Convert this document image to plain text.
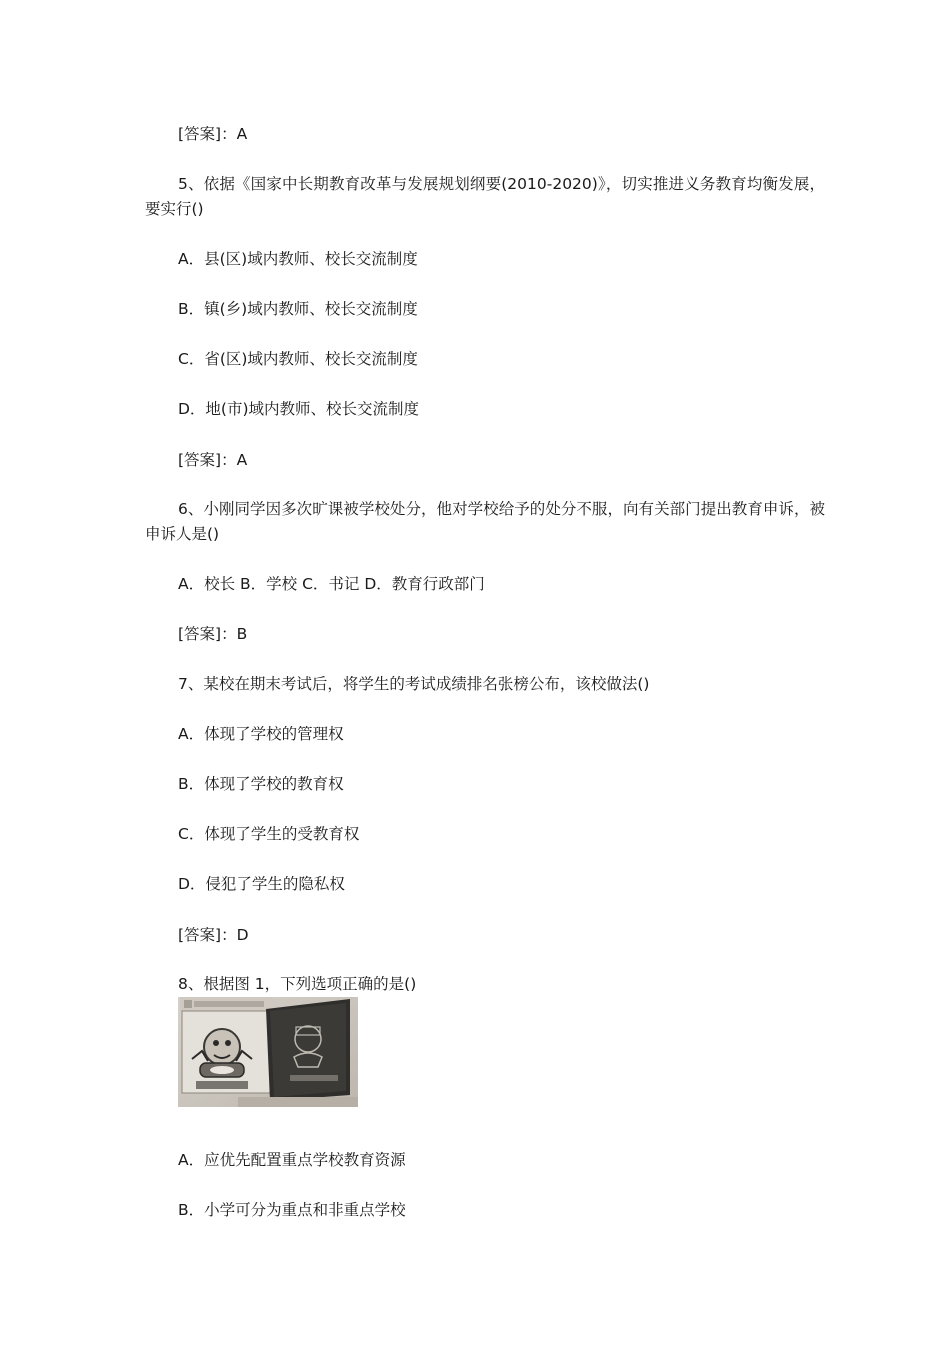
[答案]：A
5、依据《国家中长期教育改革与发展规划纲要(2010-2020)》，切实推进义务教育均衡发展，要实行()
A．县(区)域内教师、校长交流制度
B．镇(乡)域内教师、校长交流制度
C．省(区)域内教师、校长交流制度
D．地(市)域内教师、校长交流制度
[答案]：A
6、小刚同学因多次旷课被学校处分，他对学校给予的处分不服，向有关部门提出教育申诉，被申诉人是()
A．校长 B．学校 C．书记 D．教育行政部门
[答案]：B
7、某校在期末考试后，将学生的考试成绩排名张榜公布，该校做法()
A．体现了学校的管理权
B．体现了学校的教育权
C．体现了学生的受教育权
D．侵犯了学生的隐私权
[答案]：D
8、根据图 1，下列选项正确的是()
A．应优先配置重点学校教育资源
B．小学可分为重点和非重点学校
